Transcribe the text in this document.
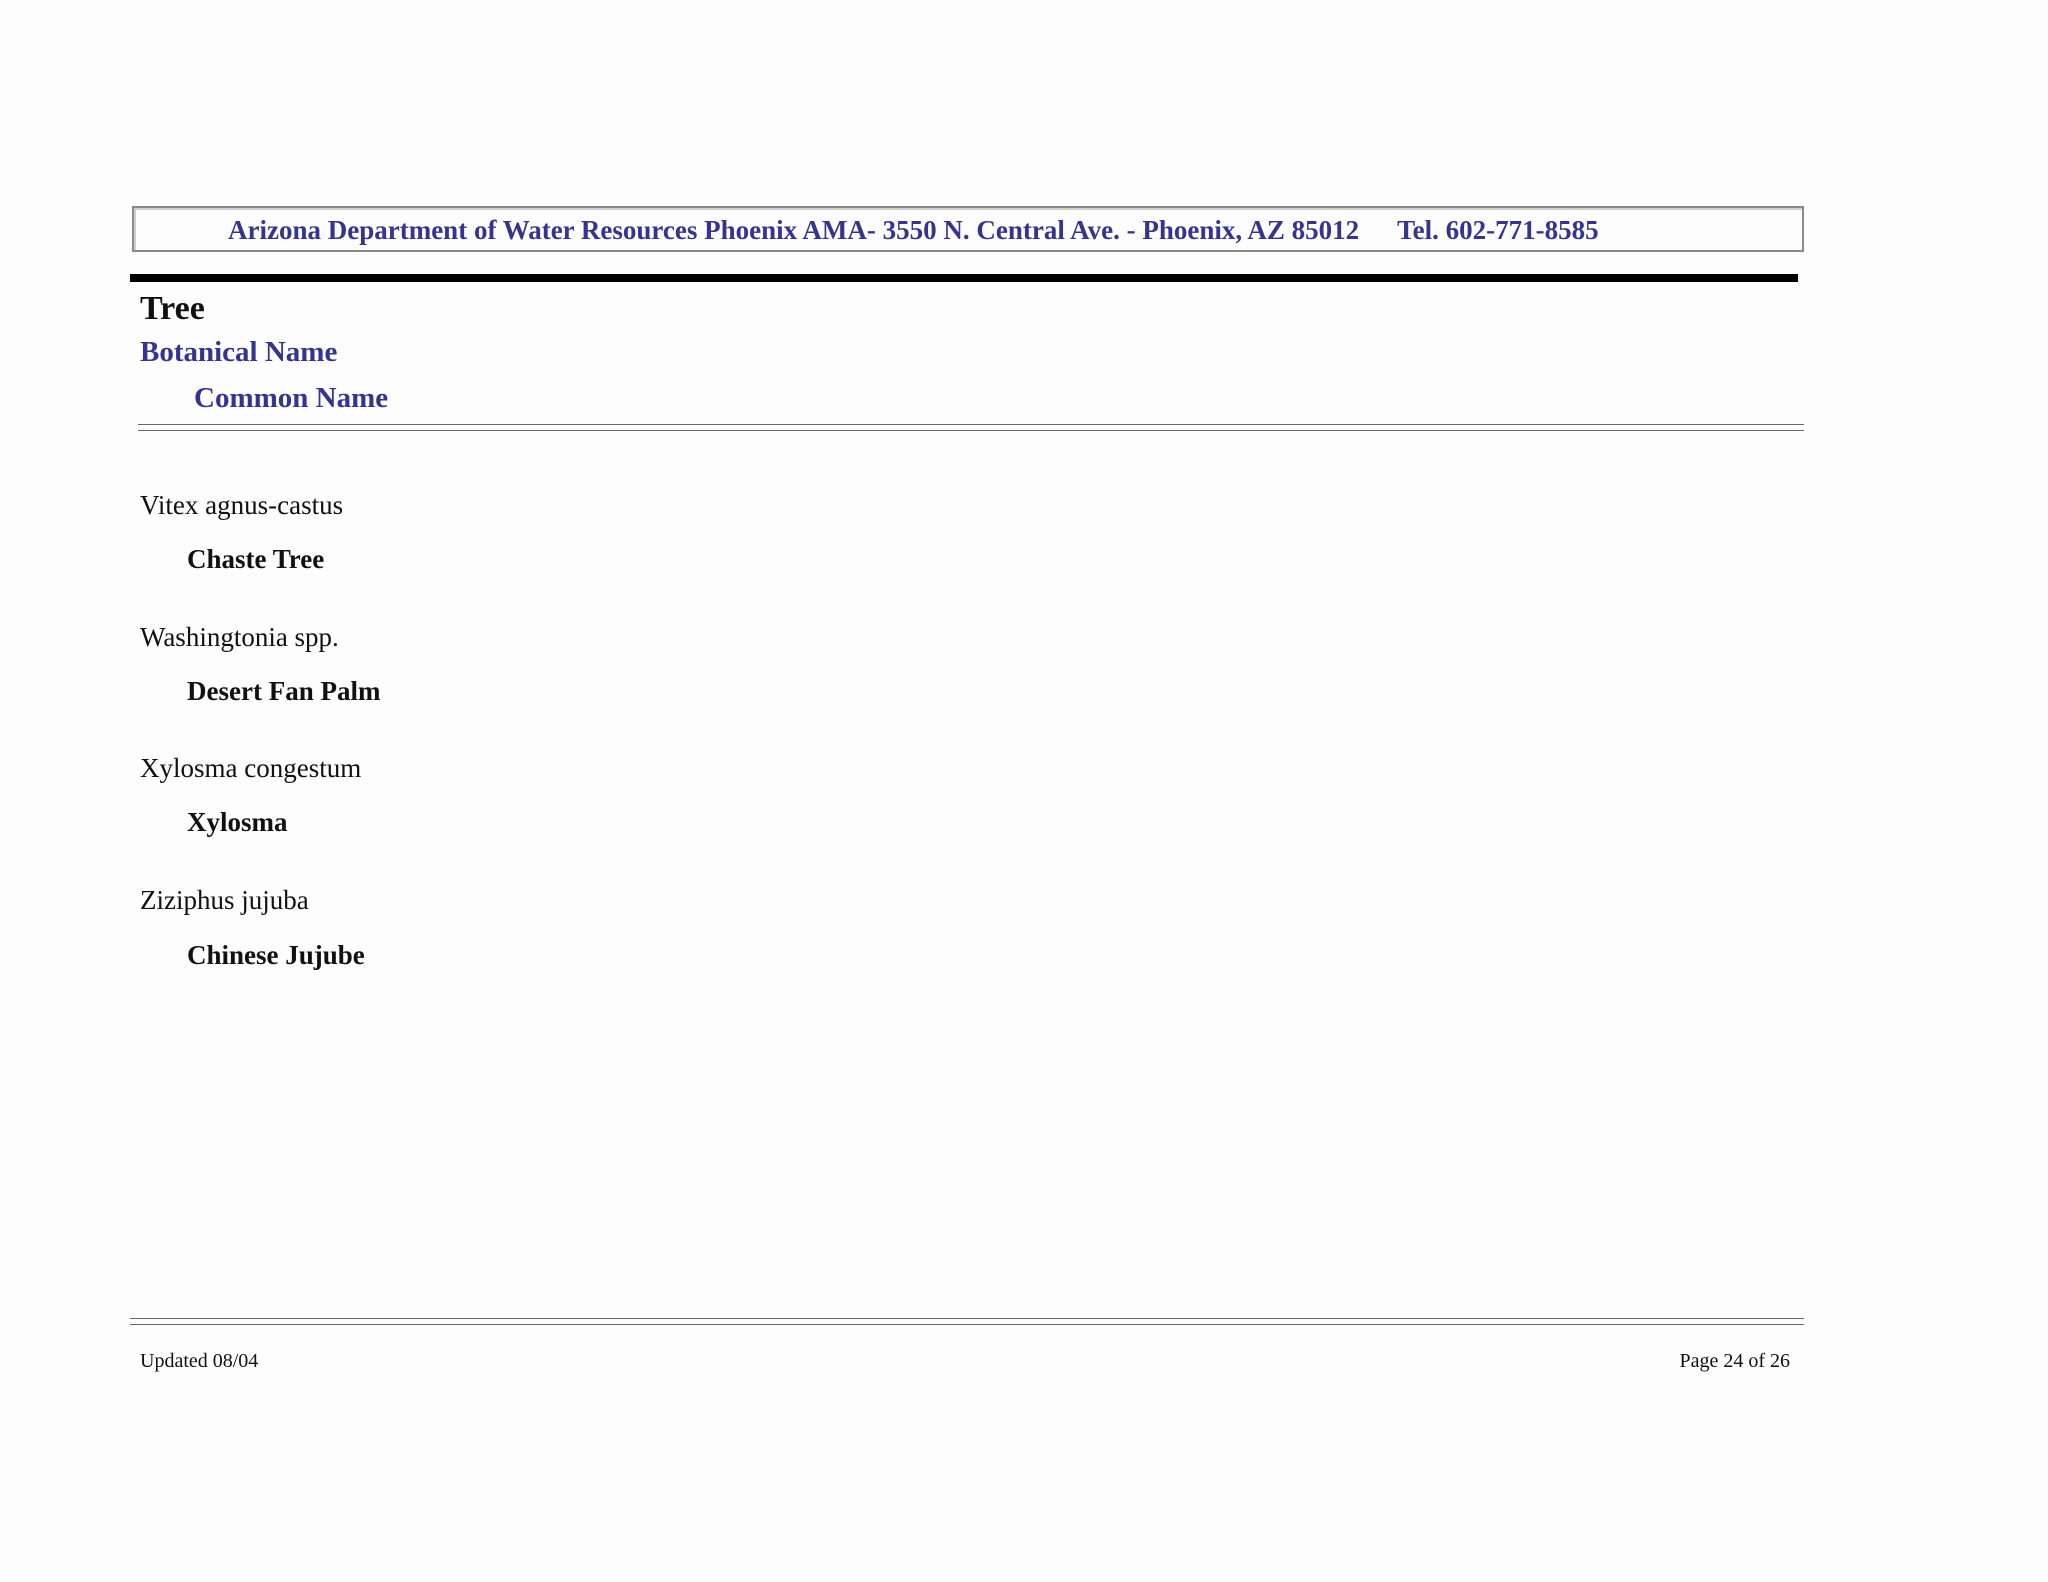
Arizona Department of Water Resources Phoenix AMA- 3550 N. Central Ave. - Phoenix, AZ 85012 Tel. 602-771-8585
Tree
Botanical Name
Common Name
Vitex agnus-castus
Chaste Tree
Washingtonia spp.
Desert Fan Palm
Xylosma congestum
Xylosma
Ziziphus jujuba
Chinese Jujube
Updated 08/04	Page 24 of 26
